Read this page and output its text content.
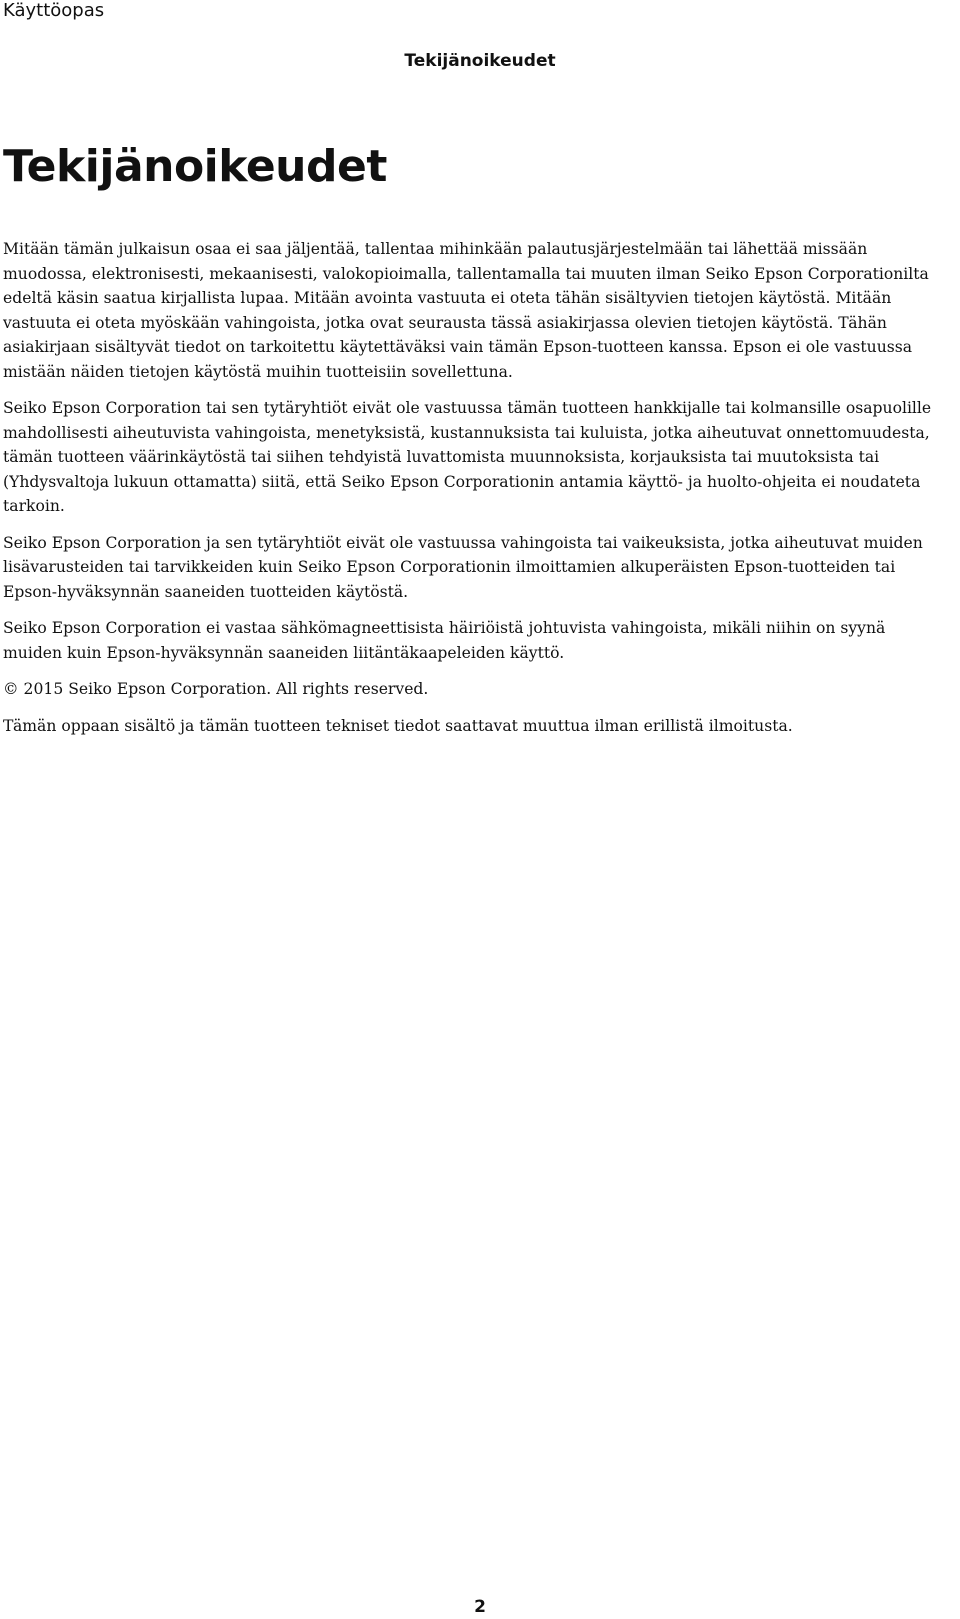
Käyttöopas
Tekijänoikeudet
Tekijänoikeudet

Mitään tämän julkaisun osaa ei saa jäljentää, tallentaa mihinkään palautusjärjestelmään tai lähettää missään muodossa, elektronisesti, mekaanisesti, valokopioimalla, tallentamalla tai muuten ilman Seiko Epson Corporationilta edeltä käsin saatua kirjallista lupaa. Mitään avointa vastuuta ei oteta tähän sisältyvien tietojen käytöstä. Mitään vastuuta ei oteta myöskään vahingoista, jotka ovat seurausta tässä asiakirjassa olevien tietojen käytöstä. Tähän asiakirjaan sisältyvät tiedot on tarkoitettu käytettäväksi vain tämän Epson-tuotteen kanssa. Epson ei ole vastuussa mistään näiden tietojen käytöstä muihin tuotteisiin sovellettuna.

Seiko Epson Corporation tai sen tytäryhtiöt eivät ole vastuussa tämän tuotteen hankkijalle tai kolmansille osapuolille mahdollisesti aiheutuvista vahingoista, menetyksistä, kustannuksista tai kuluista, jotka aiheutuvat onnettomuudesta, tämän tuotteen väärinkäytöstä tai siihen tehdyistä luvattomista muunnoksista, korjauksista tai muutoksista tai (Yhdysvaltoja lukuun ottamatta) siitä, että Seiko Epson Corporationin antamia käyttö- ja huolto-ohjeita ei noudateta tarkoin.

Seiko Epson Corporation ja sen tytäryhtiöt eivät ole vastuussa vahingoista tai vaikeuksista, jotka aiheutuvat muiden lisävarusteiden tai tarvikkeiden kuin Seiko Epson Corporationin ilmoittamien alkuperäisten Epson-tuotteiden tai Epson-hyväksynnän saaneiden tuotteiden käytöstä.

Seiko Epson Corporation ei vastaa sähkömagneettisista häiriöistä johtuvista vahingoista, mikäli niihin on syynä muiden kuin Epson-hyväksynnän saaneiden liitäntäkaapeleiden käyttö.

© 2015 Seiko Epson Corporation. All rights reserved.

Tämän oppaan sisältö ja tämän tuotteen tekniset tiedot saattavat muuttua ilman erillistä ilmoitusta.

2
